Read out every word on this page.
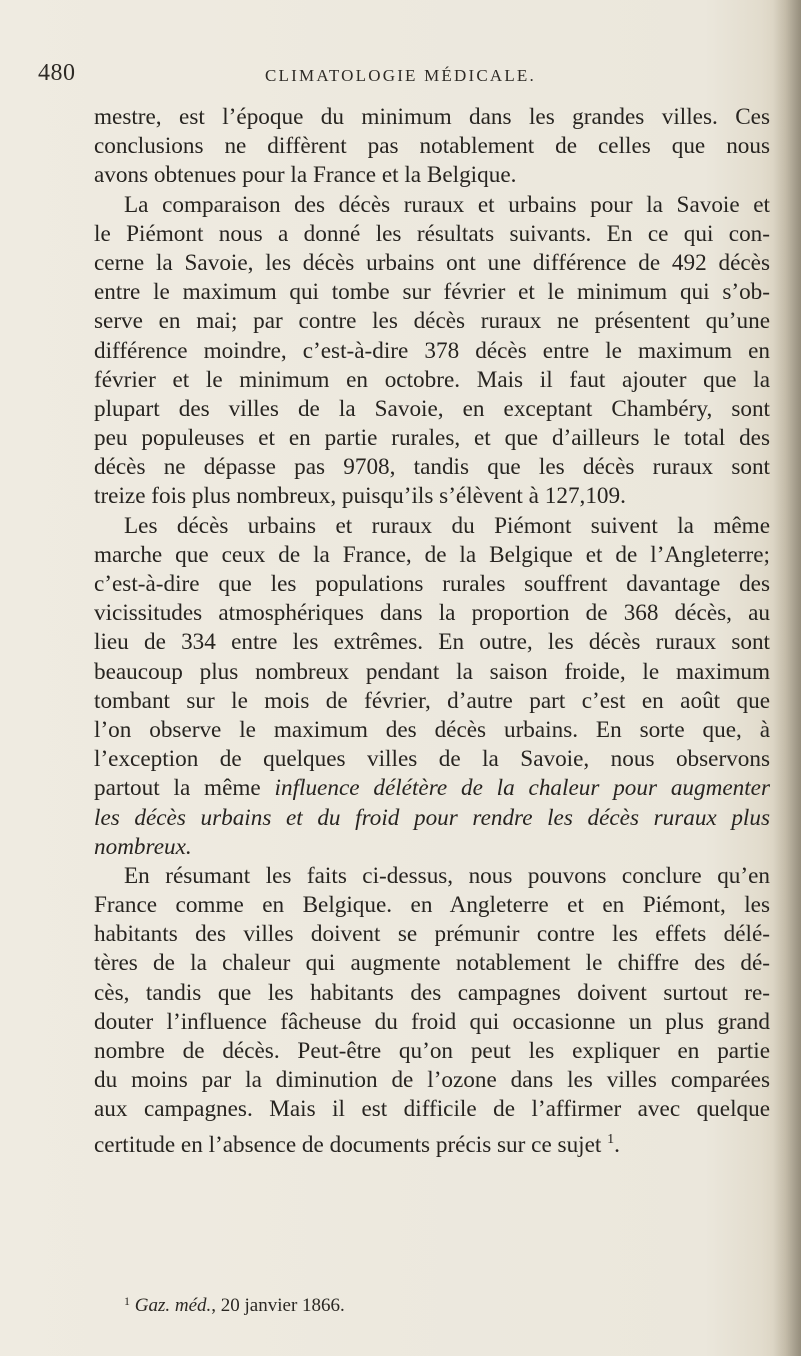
480	CLIMATOLOGIE MÉDICALE.
mestre, est l’époque du minimum dans les grandes villes. Ces
conclusions ne diffèrent pas notablement de celles que nous
avons obtenues pour la France et la Belgique.
La comparaison des décès ruraux et urbains pour la Savoie et
le Piémont nous a donné les résultats suivants. En ce qui con-
cerne la Savoie, les décès urbains ont une différence de 492 décès
entre le maximum qui tombe sur février et le minimum qui s’ob-
serve en mai; par contre les décès ruraux ne présentent qu’une
différence moindre, c’est-à-dire 378 décès entre le maximum en
février et le minimum en octobre. Mais il faut ajouter que la
plupart des villes de la Savoie, en exceptant Chambéry, sont
peu populeuses et en partie rurales, et que d’ailleurs le total des
décès ne dépasse pas 9708, tandis que les décès ruraux sont
treize fois plus nombreux, puisqu’ils s’élèvent à 127,109.
Les décès urbains et ruraux du Piémont suivent la même
marche que ceux de la France, de la Belgique et de l’Angleterre;
c’est-à-dire que les populations rurales souffrent davantage des
vicissitudes atmosphériques dans la proportion de 368 décès, au
lieu de 334 entre les extrêmes. En outre, les décès ruraux sont
beaucoup plus nombreux pendant la saison froide, le maximum
tombant sur le mois de février, d’autre part c’est en août que
l’on observe le maximum des décès urbains. En sorte que, à
l’exception de quelques villes de la Savoie, nous observons
partout la même influence délétère de la chaleur pour augmenter
les décès urbains et du froid pour rendre les décès ruraux plus
nombreux.
En résumant les faits ci-dessus, nous pouvons conclure qu’en
France comme en Belgique. en Angleterre et en Piémont, les
habitants des villes doivent se prémunir contre les effets délé-
tères de la chaleur qui augmente notablement le chiffre des dé-
cès, tandis que les habitants des campagnes doivent surtout re-
douter l’influence fâcheuse du froid qui occasionne un plus grand
nombre de décès. Peut-être qu’on peut les expliquer en partie
du moins par la diminution de l’ozone dans les villes comparées
aux campagnes. Mais il est difficile de l’affirmer avec quelque
certitude en l’absence de documents précis sur ce sujet $^1$.
$^1$ Gaz. méd., 20 janvier 1866.
